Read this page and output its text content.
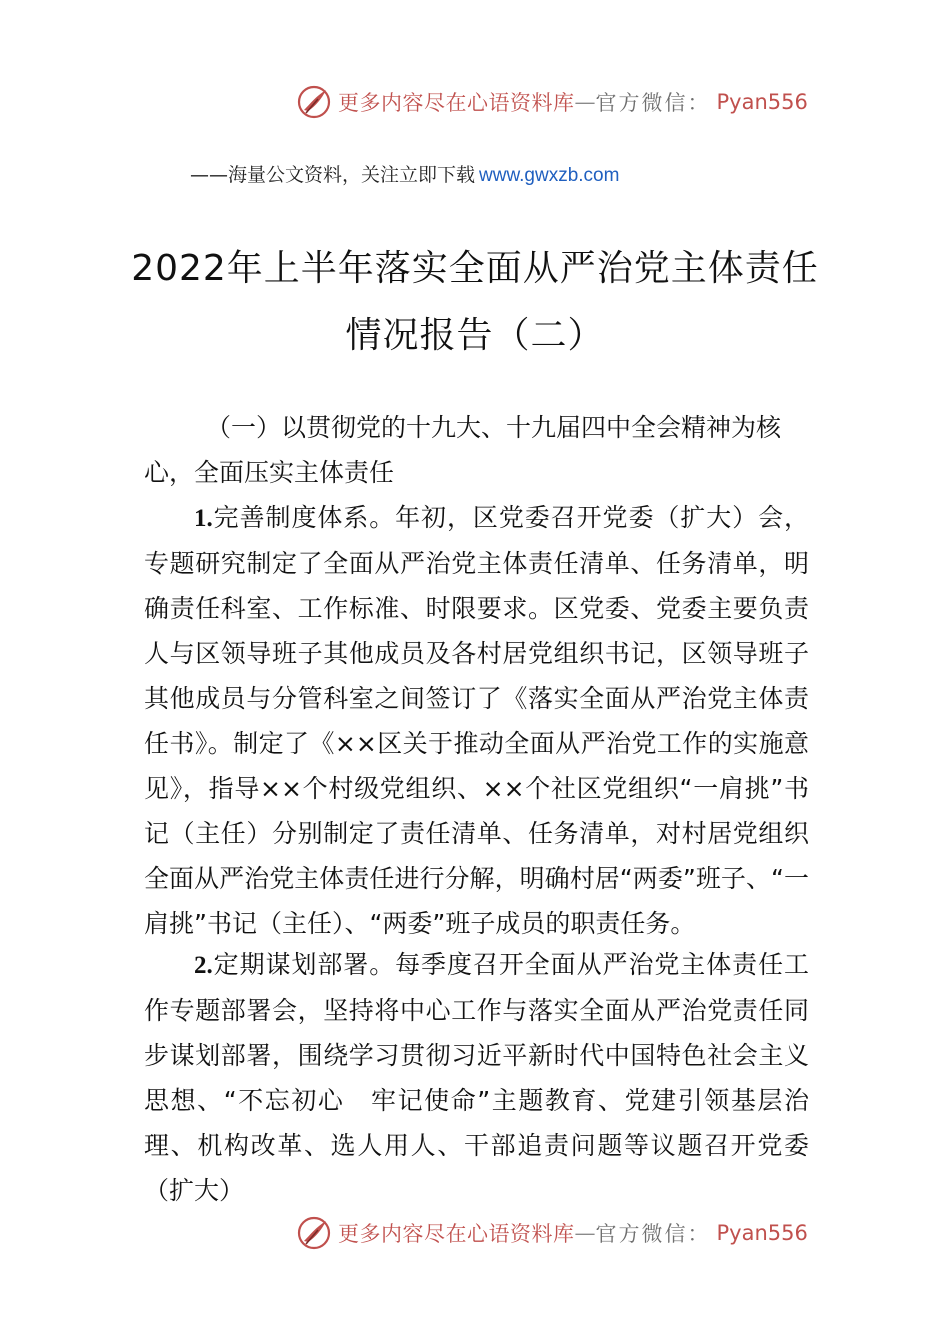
更多内容尽在心语资料库 — 官方微信： Pyan556
——海量公文资料，关注立即下载 www.gwxzb.com
2022年上半年落实全面从严治党主体责任
情况报告（二）
（一）以贯彻党的十九大、十九届四中全会精神为核心，全面压实主体责任
1.完善制度体系。年初，区党委召开党委（扩大）会，专题研究制定了全面从严治党主体责任清单、任务清单，明确责任科室、工作标准、时限要求。区党委、党委主要负责人与区领导班子其他成员及各村居党组织书记，区领导班子其他成员与分管科室之间签订了《落实全面从严治党主体责任书》。制定了《××区关于推动全面从严治党工作的实施意见》，指导××个村级党组织、××个社区党组织“一肩挑”书记（主任）分别制定了责任清单、任务清单，对村居党组织全面从严治党主体责任进行分解，明确村居“两委”班子、“一肩挑”书记（主任）、“两委”班子成员的职责任务。
2.定期谋划部署。每季度召开全面从严治党主体责任工作专题部署会，坚持将中心工作与落实全面从严治党责任同步谋划部署，围绕学习贯彻习近平新时代中国特色社会主义思想、“不忘初心　牢记使命”主题教育、党建引领基层治理、机构改革、选人用人、干部追责问题等议题召开党委（扩大）
更多内容尽在心语资料库 — 官方微信： Pyan556
